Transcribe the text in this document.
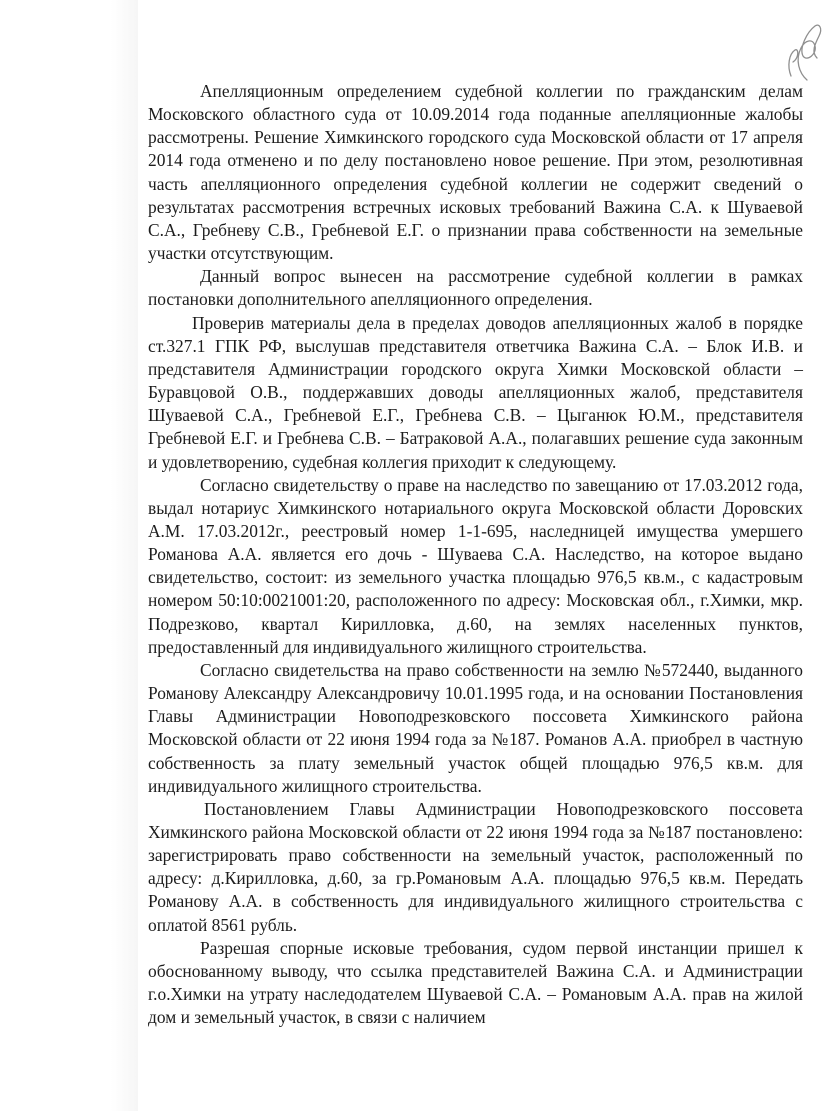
Апелляционным определением судебной коллегии по гражданским делам Московского областного суда от 10.09.2014 года поданные апелляционные жалобы рассмотрены. Решение Химкинского городского суда Московской области от 17 апреля 2014 года отменено и по делу постановлено новое решение. При этом, резолютивная часть апелляционного определения судебной коллегии не содержит сведений о результатах рассмотрения встречных исковых требований Важина С.А. к Шуваевой С.А., Гребневу С.В., Гребневой Е.Г. о признании права собственности на земельные участки отсутствующим.

Данный вопрос вынесен на рассмотрение судебной коллегии в рамках постановки дополнительного апелляционного определения.

Проверив материалы дела в пределах доводов апелляционных жалоб в порядке ст.327.1 ГПК РФ, выслушав представителя ответчика Важина С.А. – Блок И.В. и представителя Администрации городского округа Химки Московской области – Буравцовой О.В., поддержавших доводы апелляционных жалоб, представителя Шуваевой С.А., Гребневой Е.Г., Гребнева С.В. – Цыганюк Ю.М., представителя Гребневой Е.Г. и Гребнева С.В. – Батраковой А.А., полагавших решение суда законным и удовлетворению, судебная коллегия приходит к следующему.

Согласно свидетельству о праве на наследство по завещанию от 17.03.2012 года, выдал нотариус Химкинского нотариального округа Московской области Доровских А.М. 17.03.2012г., реестровый номер 1-1-695, наследницей имущества умершего Романова А.А. является его дочь - Шуваева С.А. Наследство, на которое выдано свидетельство, состоит: из земельного участка площадью 976,5 кв.м., с кадастровым номером 50:10:0021001:20, расположенного по адресу: Московская обл., г.Химки, мкр. Подрезково, квартал Кирилловка, д.60, на землях населенных пунктов, предоставленный для индивидуального жилищного строительства.

Согласно свидетельства на право собственности на землю №572440, выданного Романову Александру Александровичу 10.01.1995 года, и на основании Постановления Главы Администрации Новоподрезковского поссовета Химкинского района Московской области от 22 июня 1994 года за №187. Романов А.А. приобрел в частную собственность за плату земельный участок общей площадью 976,5 кв.м. для индивидуального жилищного строительства.

Постановлением Главы Администрации Новоподрезковского поссовета Химкинского района Московской области от 22 июня 1994 года за №187 постановлено: зарегистрировать право собственности на земельный участок, расположенный по адресу: д.Кирилловка, д.60, за гр.Романовым А.А. площадью 976,5 кв.м. Передать Романову А.А. в собственность для индивидуального жилищного строительства с оплатой 8561 рубль.

Разрешая спорные исковые требования, судом первой инстанции пришел к обоснованному выводу, что ссылка представителей Важина С.А. и Администрации г.о.Химки на утрату наследодателем Шуваевой С.А. – Романовым А.А. прав на жилой дом и земельный участок, в связи с наличием
